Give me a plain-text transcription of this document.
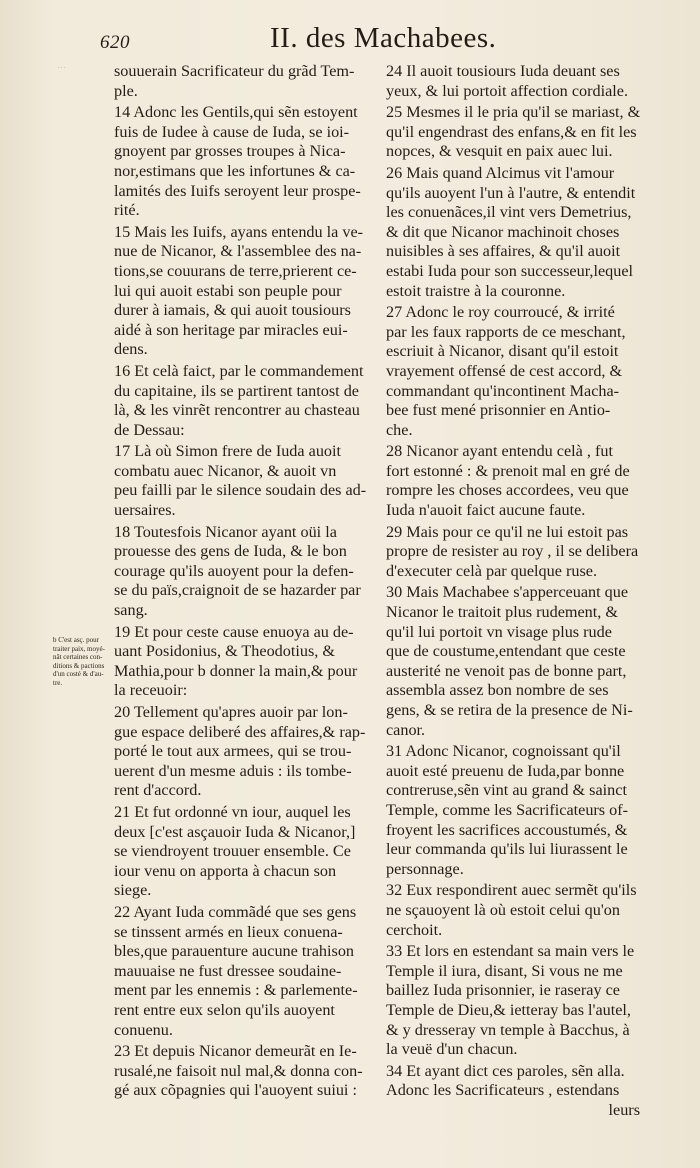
620	II. des Machabees.
...
b C'est asç. pour
traiter paix, moyé-
nât certaines con-
ditions & pactions
d'un costé & d'au-
tre.
souuerain Sacrificateur du grãd Tem-
ple.
14 Adonc les Gentils,qui sẽn estoyent
fuis de Iudee à cause de Iuda, se ioi-
gnoyent par grosses troupes à Nica-
nor,estimans que les infortunes & ca-
lamités des Iuifs seroyent leur prospe-
rité.
15 Mais les Iuifs, ayans entendu la ve-
nue de Nicanor, & l'assemblee des na-
tions,se couurans de terre,prierent ce-
lui qui auoit estabi son peuple pour
durer à iamais, & qui auoit tousiours
aidé à son heritage par miracles eui-
dens.
16 Et celà faict, par le commandement
du capitaine, ils se partirent tantost de
là, & les vinrẽt rencontrer au chasteau
de Dessau:
17 Là où Simon frere de Iuda auoit
combatu auec Nicanor, & auoit vn
peu failli par le silence soudain des ad-
uersaires.
18 Toutesfois Nicanor ayant oüi la
prouesse des gens de Iuda, & le bon
courage qu'ils auoyent pour la defen-
se du païs,craignoit de se hazarder par
sang.
19 Et pour ceste cause enuoya au de-
uant Posidonius, & Theodotius, &
Mathia,pour b donner la main,& pour
la receuoir:
20 Tellement qu'apres auoir par lon-
gue espace deliberé des affaires,& rap-
porté le tout aux armees, qui se trou-
uerent d'un mesme aduis : ils tombe-
rent d'accord.
21 Et fut ordonné vn iour, auquel les
deux [c'est asçauoir Iuda & Nicanor,]
se viendroyent trouuer ensemble. Ce
iour venu on apporta à chacun son
siege.
22 Ayant Iuda commãdé que ses gens
se tinssent armés en lieux conuena-
bles,que parauenture aucune trahison
mauuaise ne fust dressee soudaine-
ment par les ennemis : & parlemente-
rent entre eux selon qu'ils auoyent
conuenu.
23 Et depuis Nicanor demeurãt en Ie-
rusalé,ne faisoit nul mal,& donna con-
gé aux cõpagnies qui l'auoyent suiui :
24 Il auoit tousiours Iuda deuant ses
yeux, & lui portoit affection cordiale.
25 Mesmes il le pria qu'il se mariast, &
qu'il engendrast des enfans,& en fit les
nopces, & vesquit en paix auec lui.
26 Mais quand Alcimus vit l'amour
qu'ils auoyent l'un à l'autre, & entendit
les conuenãces,il vint vers Demetrius,
& dit que Nicanor machinoit choses
nuisibles à ses affaires, & qu'il auoit
estabi Iuda pour son successeur,lequel
estoit traistre à la couronne.
27 Adonc le roy courroucé, & irrité
par les faux rapports de ce meschant,
escriuit à Nicanor, disant qu'il estoit
vrayement offensé de cest accord, &
commandant qu'incontinent Macha-
bee fust mené prisonnier en Antio-
che.
28 Nicanor ayant entendu celà , fut
fort estonné : & prenoit mal en gré de
rompre les choses accordees, veu que
Iuda n'auoit faict aucune faute.
29 Mais pour ce qu'il ne lui estoit pas
propre de resister au roy , il se delibera
d'executer celà par quelque ruse.
30 Mais Machabee s'apperceuant que
Nicanor le traitoit plus rudement, &
qu'il lui portoit vn visage plus rude
que de coustume,entendant que ceste
austerité ne venoit pas de bonne part,
assembla assez bon nombre de ses
gens, & se retira de la presence de Ni-
canor.
31 Adonc Nicanor, cognoissant qu'il
auoit esté preuenu de Iuda,par bonne
contreruse,sẽn vint au grand & sainct
Temple, comme les Sacrificateurs of-
froyent les sacrifices accoustumés, &
leur commanda qu'ils lui liurassent le
personnage.
32 Eux respondirent auec sermẽt qu'ils
ne sçauoyent là où estoit celui qu'on
cerchoit.
33 Et lors en estendant sa main vers le
Temple il iura, disant, Si vous ne me
baillez Iuda prisonnier, ie raseray ce
Temple de Dieu,& ietteray bas l'autel,
& y dresseray vn temple à Bacchus, à
la veuë d'un chacun.
34 Et ayant dict ces paroles, sẽn alla.
Adonc les Sacrificateurs , estendans
leurs
